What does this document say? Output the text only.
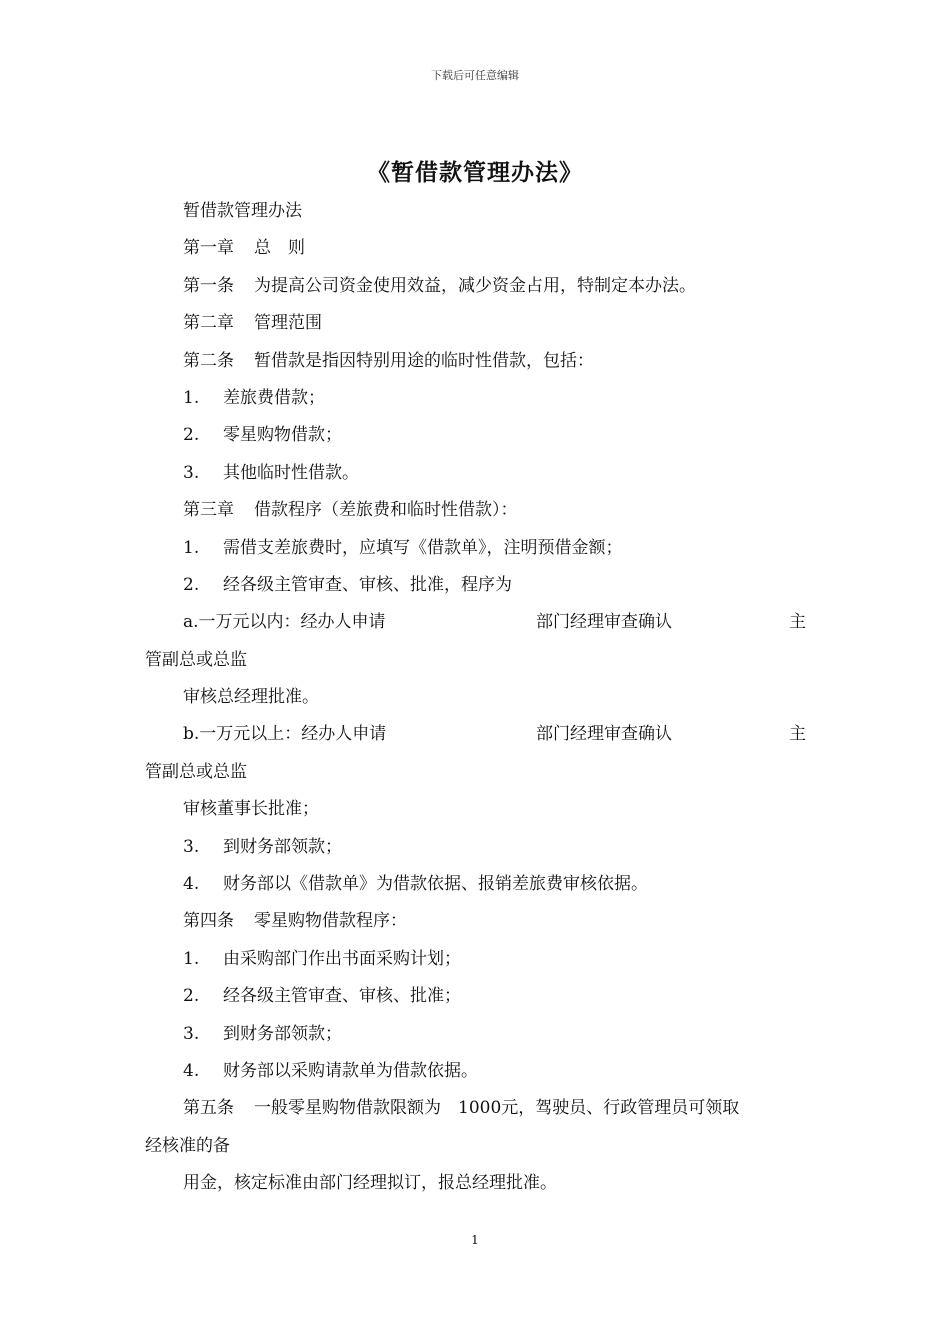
下载后可任意编辑
《暂借款管理办法》
暂借款管理办法
第一章 总　则
第一条 为提高公司资金使用效益，减少资金占用，特制定本办法。
第二章 管理范围
第二条 暂借款是指因特别用途的临时性借款，包括：
1. 差旅费借款；
2. 零星购物借款；
3. 其他临时性借款。
第三章 借款程序（差旅费和临时性借款）：
1. 需借支差旅费时，应填写《借款单》，注明预借金额；
2. 经各级主管审查、审核、批准，程序为
a.一万元以内：经办人申请	部门经理审查确认	主
管副总或总监
审核总经理批准。
b.一万元以上：经办人申请	部门经理审查确认	主
管副总或总监
审核董事长批准；
3. 到财务部领款；
4. 财务部以《借款单》为借款依据、报销差旅费审核依据。
第四条 零星购物借款程序：
1. 由采购部门作出书面采购计划；
2. 经各级主管审查、审核、批准；
3. 到财务部领款；
4. 财务部以采购请款单为借款依据。
第五条 一般零星购物借款限额为　1000元，驾驶员、行政管理员可领取
经核准的备
用金，核定标准由部门经理拟订，报总经理批准。
1
